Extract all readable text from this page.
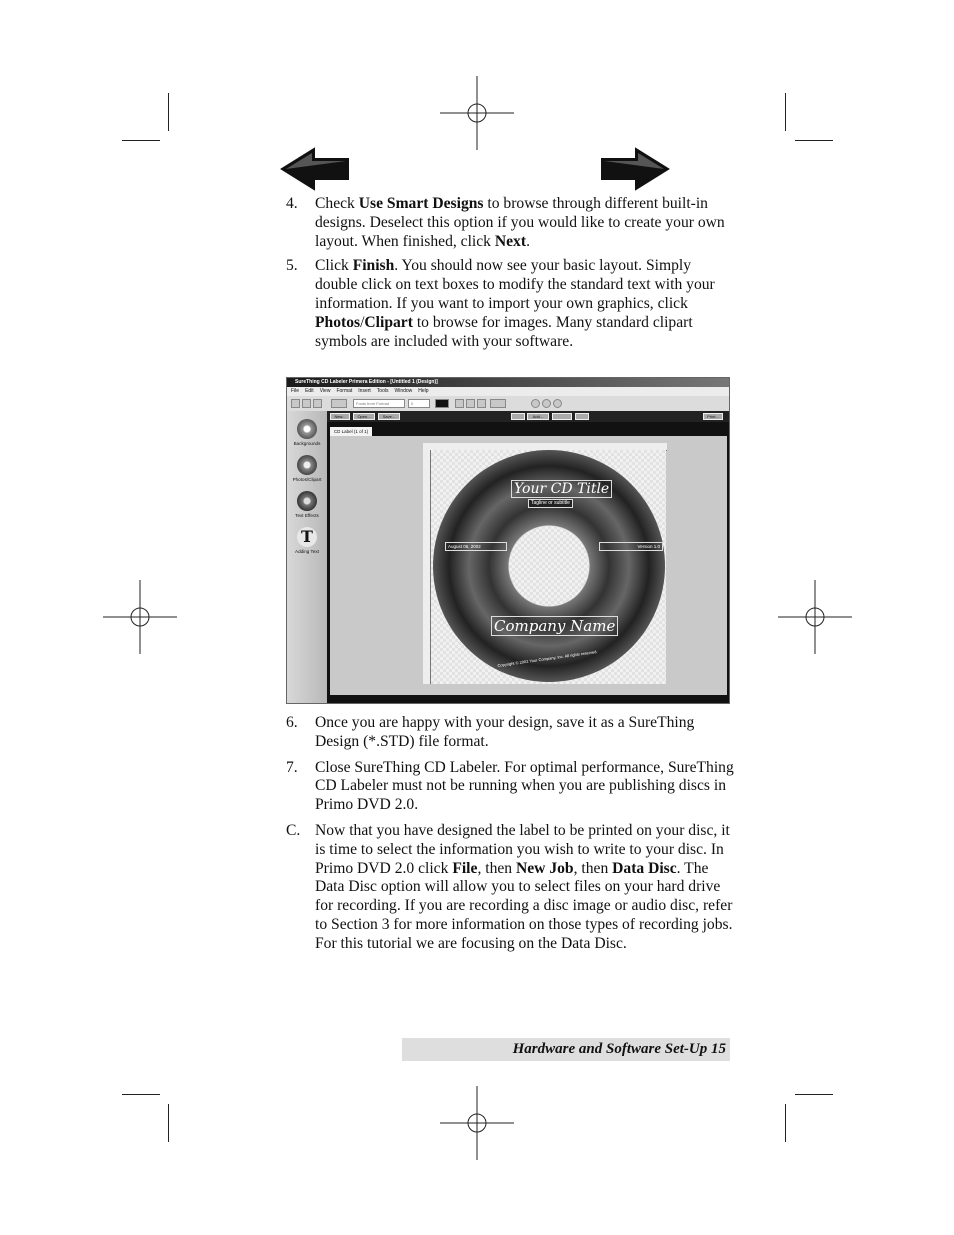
4. Check Use Smart Designs to browse through different built-in designs. Deselect this option if you would like to create your own layout. When finished, click Next.
5. Click Finish. You should now see your basic layout. Simply double click on text boxes to modify the standard text with your information. If you want to import your own graphics, click Photos/Clipart to browse for images. Many standard clipart symbols are included with your software.
SureThing CD Labeler Primera Edition - [Untitled 1 (Design)]
File Edit View Format Insert Tools Window Help
Fonts from Format	0
Backgrounds
Photos/Clipart
Text Effects
T
Adding Text
New...	Open...	Save...	Add...	Print...
CD Label (1 of 1)
Your CD Title
Tagline or subtitle
August 06, 2002	Version 1.0
Company Name
Copyright © 2002 Your Company, Inc. All rights reserved.
6. Once you are happy with your design, save it as a SureThing Design (*.STD) file format.
7. Close SureThing CD Labeler. For optimal performance, SureThing CD Labeler must not be running when you are publishing discs in Primo DVD 2.0.
C. Now that you have designed the label to be printed on your disc, it is time to select the information you wish to write to your disc. In Primo DVD 2.0 click File, then New Job, then Data Disc. The Data Disc option will allow you to select files on your hard drive for recording. If you are recording a disc image or audio disc, refer to Section 3 for more information on those types of recording jobs. For this tutorial we are focusing on the Data Disc.
Hardware and Software Set-Up 15
